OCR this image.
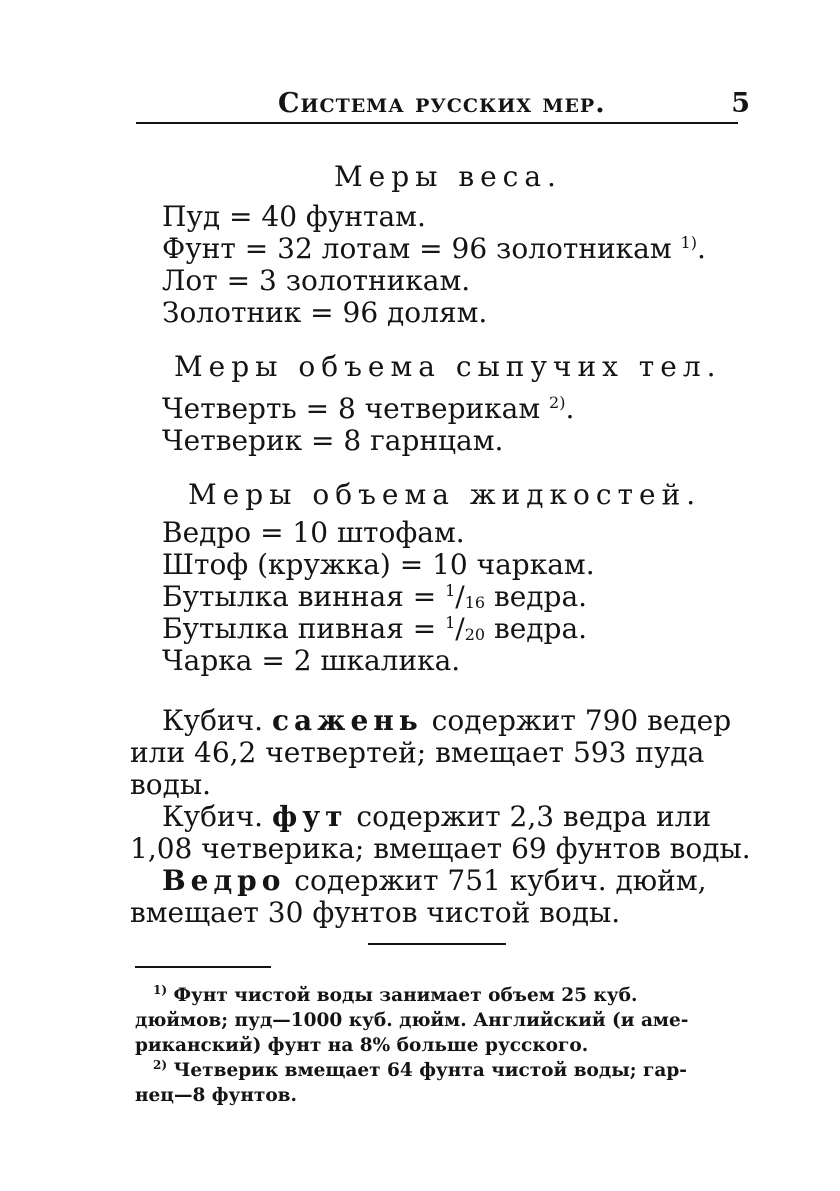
Система русских мер.	5
Меры веса.
Пуд = 40 фунтам.
Фунт = 32 лотам = 96 золотникам $^{1)}$.
Лот = 3 золотникам.
Золотник = 96 долям.
Меры объема сыпучих тел.
Четверть = 8 четверикам $^{2)}$.
Четверик = 8 гарнцам.
Меры объема жидкостей.
Ведро = 10 штофам.
Штоф (кружка) = 10 чаркам.
Бутылка винная = $^1/_{16}$ ведра.
Бутылка пивная = $^1/_{20}$ ведра.
Чарка = 2 шкалика.
Кубич. сажень содержит 790 ведер
или 46,2 четвертей; вмещает 593 пуда
воды.
Кубич. фут содержит 2,3 ведра или
1,08 четверика; вмещает 69 фунтов воды.
Ведро содержит 751 кубич. дюйм,
вмещает 30 фунтов чистой воды.
$^{1)}$ Фунт чистой воды занимает объем 25 куб.
дюймов; пуд—1000 куб. дюйм. Английский (и аме-
риканский) фунт на 8% больше русского.
$^{2)}$ Четверик вмещает 64 фунта чистой воды; гар-
нец—8 фунтов.
